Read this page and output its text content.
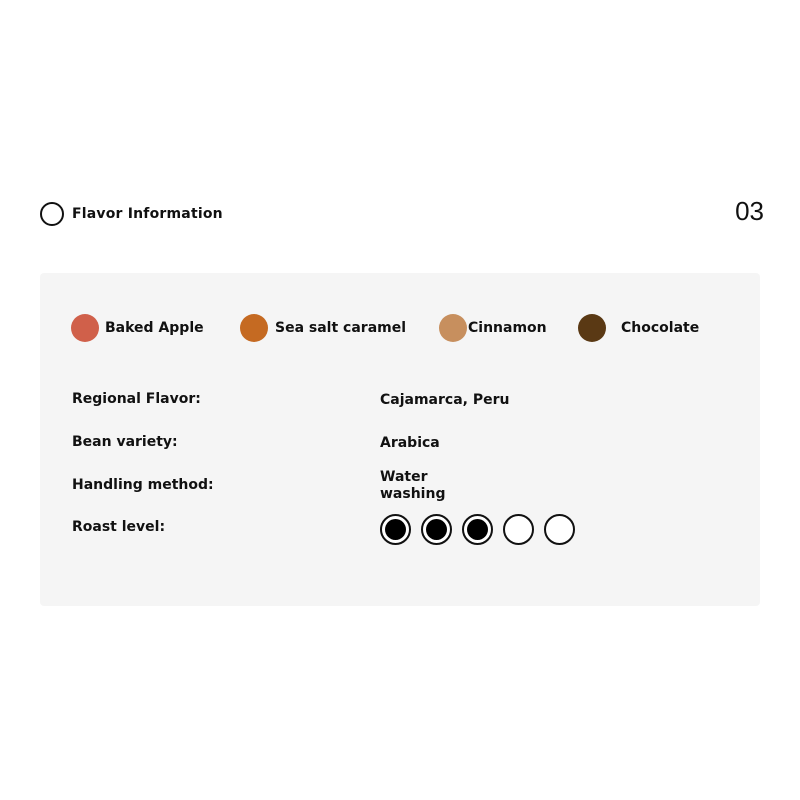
Flavor Information	03
Baked Apple	Sea salt caramel	Cinnamon	Chocolate
Regional Flavor:	Cajamarca, Peru
Bean variety:	Arabica
Handling method:	Water
washing
Roast level:
